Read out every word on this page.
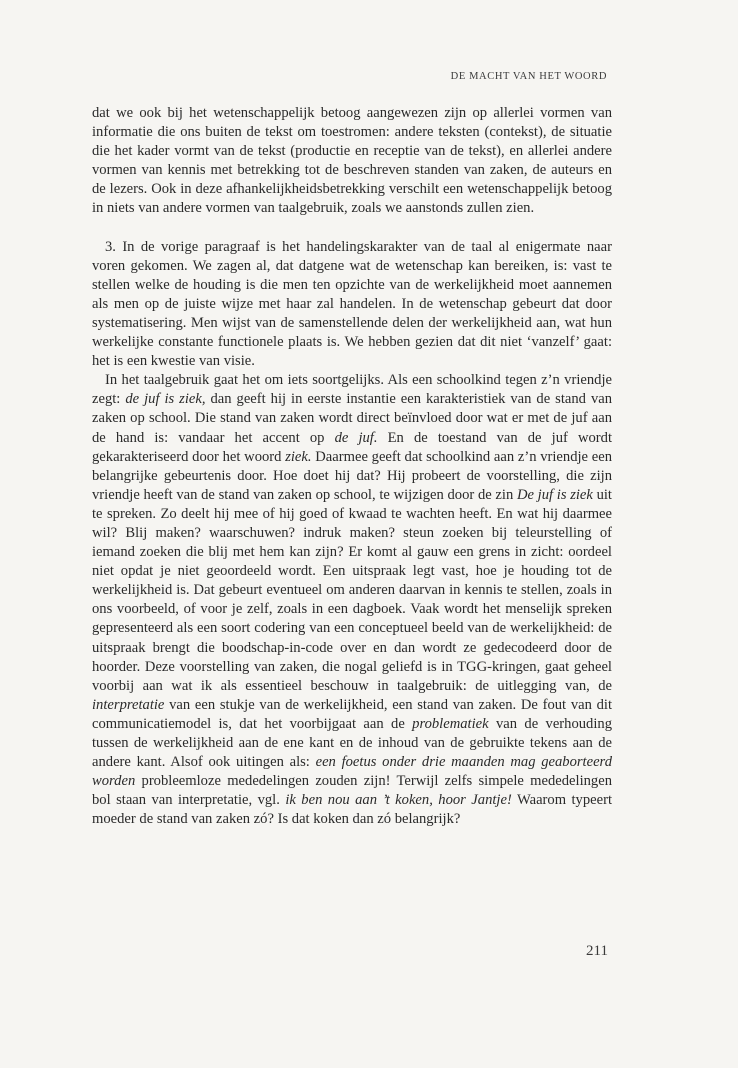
DE MACHT VAN HET WOORD

dat we ook bij het wetenschappelijk betoog aangewezen zijn op allerlei vormen van informatie die ons buiten de tekst om toestromen: andere teksten (contekst), de situatie die het kader vormt van de tekst (productie en receptie van de tekst), en allerlei andere vormen van kennis met betrekking tot de beschreven standen van zaken, de auteurs en de lezers. Ook in deze afhankelijkheidsbetrekking verschilt een wetenschappelijk betoog in niets van andere vormen van taalgebruik, zoals we aanstonds zullen zien.

3. In de vorige paragraaf is het handelingskarakter van de taal al enigermate naar voren gekomen. We zagen al, dat datgene wat de wetenschap kan bereiken, is: vast te stellen welke de houding is die men ten opzichte van de werkelijkheid moet aannemen als men op de juiste wijze met haar zal handelen. In de wetenschap gebeurt dat door systematisering. Men wijst van de samenstellende delen der werkelijkheid aan, wat hun werkelijke constante functionele plaats is. We hebben gezien dat dit niet ‘vanzelf’ gaat: het is een kwestie van visie.

In het taalgebruik gaat het om iets soortgelijks. Als een schoolkind tegen z’n vriendje zegt: de juf is ziek, dan geeft hij in eerste instantie een karakteristiek van de stand van zaken op school. Die stand van zaken wordt direct beïnvloed door wat er met de juf aan de hand is: vandaar het accent op de juf. En de toestand van de juf wordt gekarakteriseerd door het woord ziek. Daarmee geeft dat schoolkind aan z’n vriendje een belangrijke gebeurtenis door. Hoe doet hij dat? Hij probeert de voorstelling, die zijn vriendje heeft van de stand van zaken op school, te wijzigen door de zin De juf is ziek uit te spreken. Zo deelt hij mee of hij goed of kwaad te wachten heeft. En wat hij daarmee wil? Blij maken? waarschuwen? indruk maken? steun zoeken bij teleurstelling of iemand zoeken die blij met hem kan zijn? Er komt al gauw een grens in zicht: oordeel niet opdat je niet geoordeeld wordt. Een uitspraak legt vast, hoe je houding tot de werkelijkheid is. Dat gebeurt eventueel om anderen daarvan in kennis te stellen, zoals in ons voorbeeld, of voor je zelf, zoals in een dagboek. Vaak wordt het menselijk spreken gepresenteerd als een soort codering van een conceptueel beeld van de werkelijkheid: de uitspraak brengt die boodschap-in-code over en dan wordt ze gedecodeerd door de hoorder. Deze voorstelling van zaken, die nogal geliefd is in TGG-kringen, gaat geheel voorbij aan wat ik als essentieel beschouw in taalgebruik: de uitlegging van, de interpretatie van een stukje van de werkelijkheid, een stand van zaken. De fout van dit communicatiemodel is, dat het voorbijgaat aan de problematiek van de verhouding tussen de werkelijkheid aan de ene kant en de inhoud van de gebruikte tekens aan de andere kant. Alsof ook uitingen als: een foetus onder drie maanden mag geaborteerd worden probleemloze mededelingen zouden zijn! Terwijl zelfs simpele mededelingen bol staan van interpretatie, vgl. ik ben nou aan ’t koken, hoor Jantje! Waarom typeert moeder de stand van zaken zó? Is dat koken dan zó belangrijk?

211
